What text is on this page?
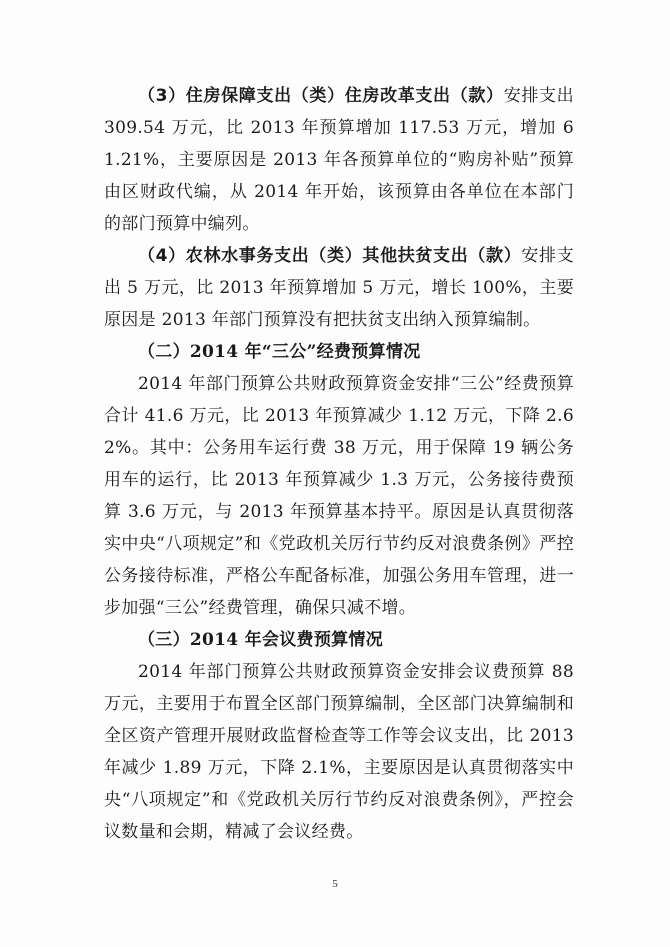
（3）住房保障支出（类）住房改革支出（款）安排支出 309.54 万元，比 2013 年预算增加 117.53 万元，增加 61.21%，主要原因是 2013 年各预算单位的“购房补贴”预算由区财政代编，从 2014 年开始，该预算由各单位在本部门的部门预算中编列。

（4）农林水事务支出（类）其他扶贫支出（款）安排支出 5 万元，比 2013 年预算增加 5 万元，增长 100%，主要原因是 2013 年部门预算没有把扶贫支出纳入预算编制。

（二）2014 年“三公”经费预算情况

2014 年部门预算公共财政预算资金安排“三公”经费预算合计 41.6 万元，比 2013 年预算减少 1.12 万元，下降 2.62%。其中：公务用车运行费 38 万元，用于保障 19 辆公务用车的运行，比 2013 年预算减少 1.3 万元，公务接待费预算 3.6 万元，与 2013 年预算基本持平。原因是认真贯彻落实中央“八项规定”和《党政机关厉行节约反对浪费条例》严控公务接待标准，严格公车配备标准，加强公务用车管理，进一步加强“三公”经费管理，确保只减不增。

（三）2014 年会议费预算情况

2014 年部门预算公共财政预算资金安排会议费预算 88 万元，主要用于布置全区部门预算编制，全区部门决算编制和全区资产管理开展财政监督检查等工作等会议支出，比 2013 年减少 1.89 万元，下降 2.1%，主要原因是认真贯彻落实中央“八项规定”和《党政机关厉行节约反对浪费条例》，严控会议数量和会期，精减了会议经费。

5
